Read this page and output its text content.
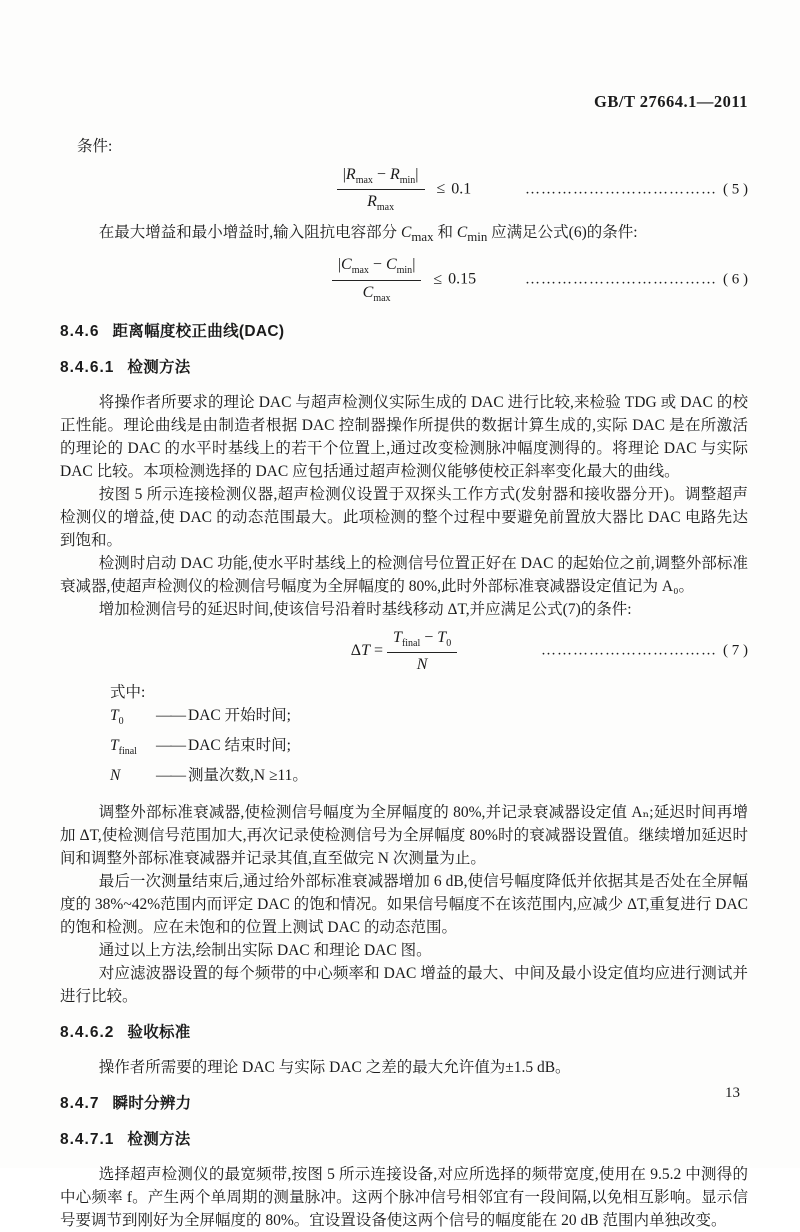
GB/T 27664.1—2011

条件:

$\frac{|R_{max} - R_{min}|}{R_{max}} \le 0.1$	……………………………… ( 5 )

在最大增益和最小增益时,输入阻抗电容部分 $C_{max}$ 和 $C_{min}$ 应满足公式(6)的条件:

$\frac{|C_{max} - C_{min}|}{C_{max}} \le 0.15$	……………………………… ( 6 )
8.4.6 距离幅度校正曲线(DAC)
8.4.6.1 检测方法

将操作者所要求的理论 DAC 与超声检测仪实际生成的 DAC 进行比较,来检验 TDG 或 DAC 的校正性能。理论曲线是由制造者根据 DAC 控制器操作所提供的数据计算生成的,实际 DAC 是在所激活的理论的 DAC 的水平时基线上的若干个位置上,通过改变检测脉冲幅度测得的。将理论 DAC 与实际 DAC 比较。本项检测选择的 DAC 应包括通过超声检测仪能够使校正斜率变化最大的曲线。

按图 5 所示连接检测仪器,超声检测仪设置于双探头工作方式(发射器和接收器分开)。调整超声检测仪的增益,使 DAC 的动态范围最大。此项检测的整个过程中要避免前置放大器比 DAC 电路先达到饱和。

检测时启动 DAC 功能,使水平时基线上的检测信号位置正好在 DAC 的起始位之前,调整外部标准衰减器,使超声检测仪的检测信号幅度为全屏幅度的 80%,此时外部标准衰减器设定值记为 A₀。

增加检测信号的延迟时间,使该信号沿着时基线移动 ΔT,并应满足公式(7)的条件:

$\Delta T = \frac{T_{final} - T_0}{N}$	…………………………… ( 7 )

式中:

$T_0$	—— DAC 开始时间;
$T_{final}$	—— DAC 结束时间;
N	—— 测量次数,N ≥11。

调整外部标准衰减器,使检测信号幅度为全屏幅度的 80%,并记录衰减器设定值 Aₙ;延迟时间再增加 ΔT,使检测信号范围加大,再次记录使检测信号为全屏幅度 80%时的衰减器设置值。继续增加延迟时间和调整外部标准衰减器并记录其值,直至做完 N 次测量为止。

最后一次测量结束后,通过给外部标准衰减器增加 6 dB,使信号幅度降低并依据其是否处在全屏幅度的 38%~42%范围内而评定 DAC 的饱和情况。如果信号幅度不在该范围内,应减少 ΔT,重复进行 DAC 的饱和检测。应在未饱和的位置上测试 DAC 的动态范围。

通过以上方法,绘制出实际 DAC 和理论 DAC 图。

对应滤波器设置的每个频带的中心频率和 DAC 增益的最大、中间及最小设定值均应进行测试并进行比较。

8.4.6.2 验收标准

操作者所需要的理论 DAC 与实际 DAC 之差的最大允许值为±1.5 dB。

8.4.7 瞬时分辨力
8.4.7.1 检测方法

选择超声检测仪的最宽频带,按图 5 所示连接设备,对应所选择的频带宽度,使用在 9.5.2 中测得的中心频率 f。产生两个单周期的测量脉冲。这两个脉冲信号相邻宜有一段间隔,以免相互影响。显示信号要调节到刚好为全屏幅度的 80%。宜设置设备使这两个信号的幅度能在 20 dB 范围内单独改变。

13
